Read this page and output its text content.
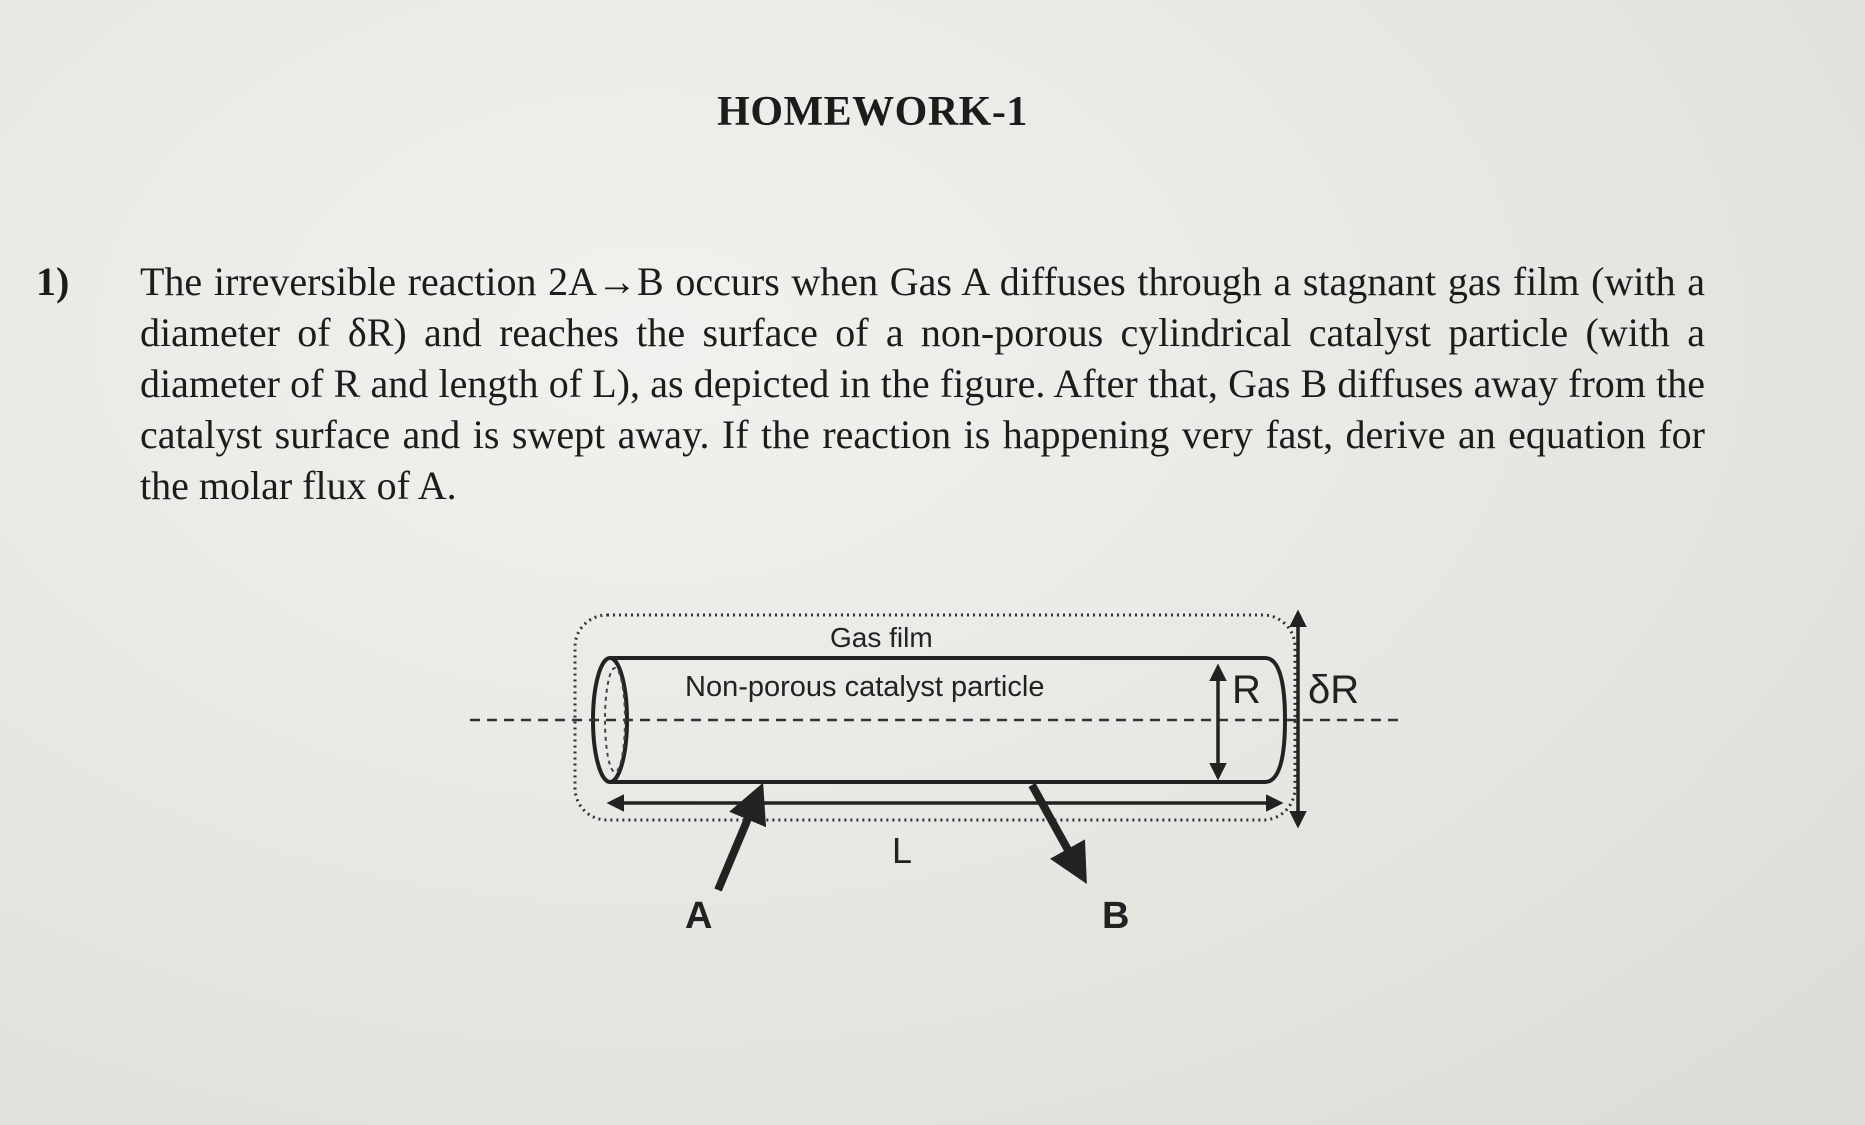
HOMEWORK-1
1) The irreversible reaction 2A→B occurs when Gas A diffuses through a stagnant gas film (with a diameter of δR) and reaches the surface of a non-porous cylindrical catalyst particle (with a diameter of R and length of L), as depicted in the figure. After that, Gas B diffuses away from the catalyst surface and is swept away. If the reaction is happening very fast, derive an equation for the molar flux of A.
Gas film
Non-porous catalyst particle
L
A	B
R δR
